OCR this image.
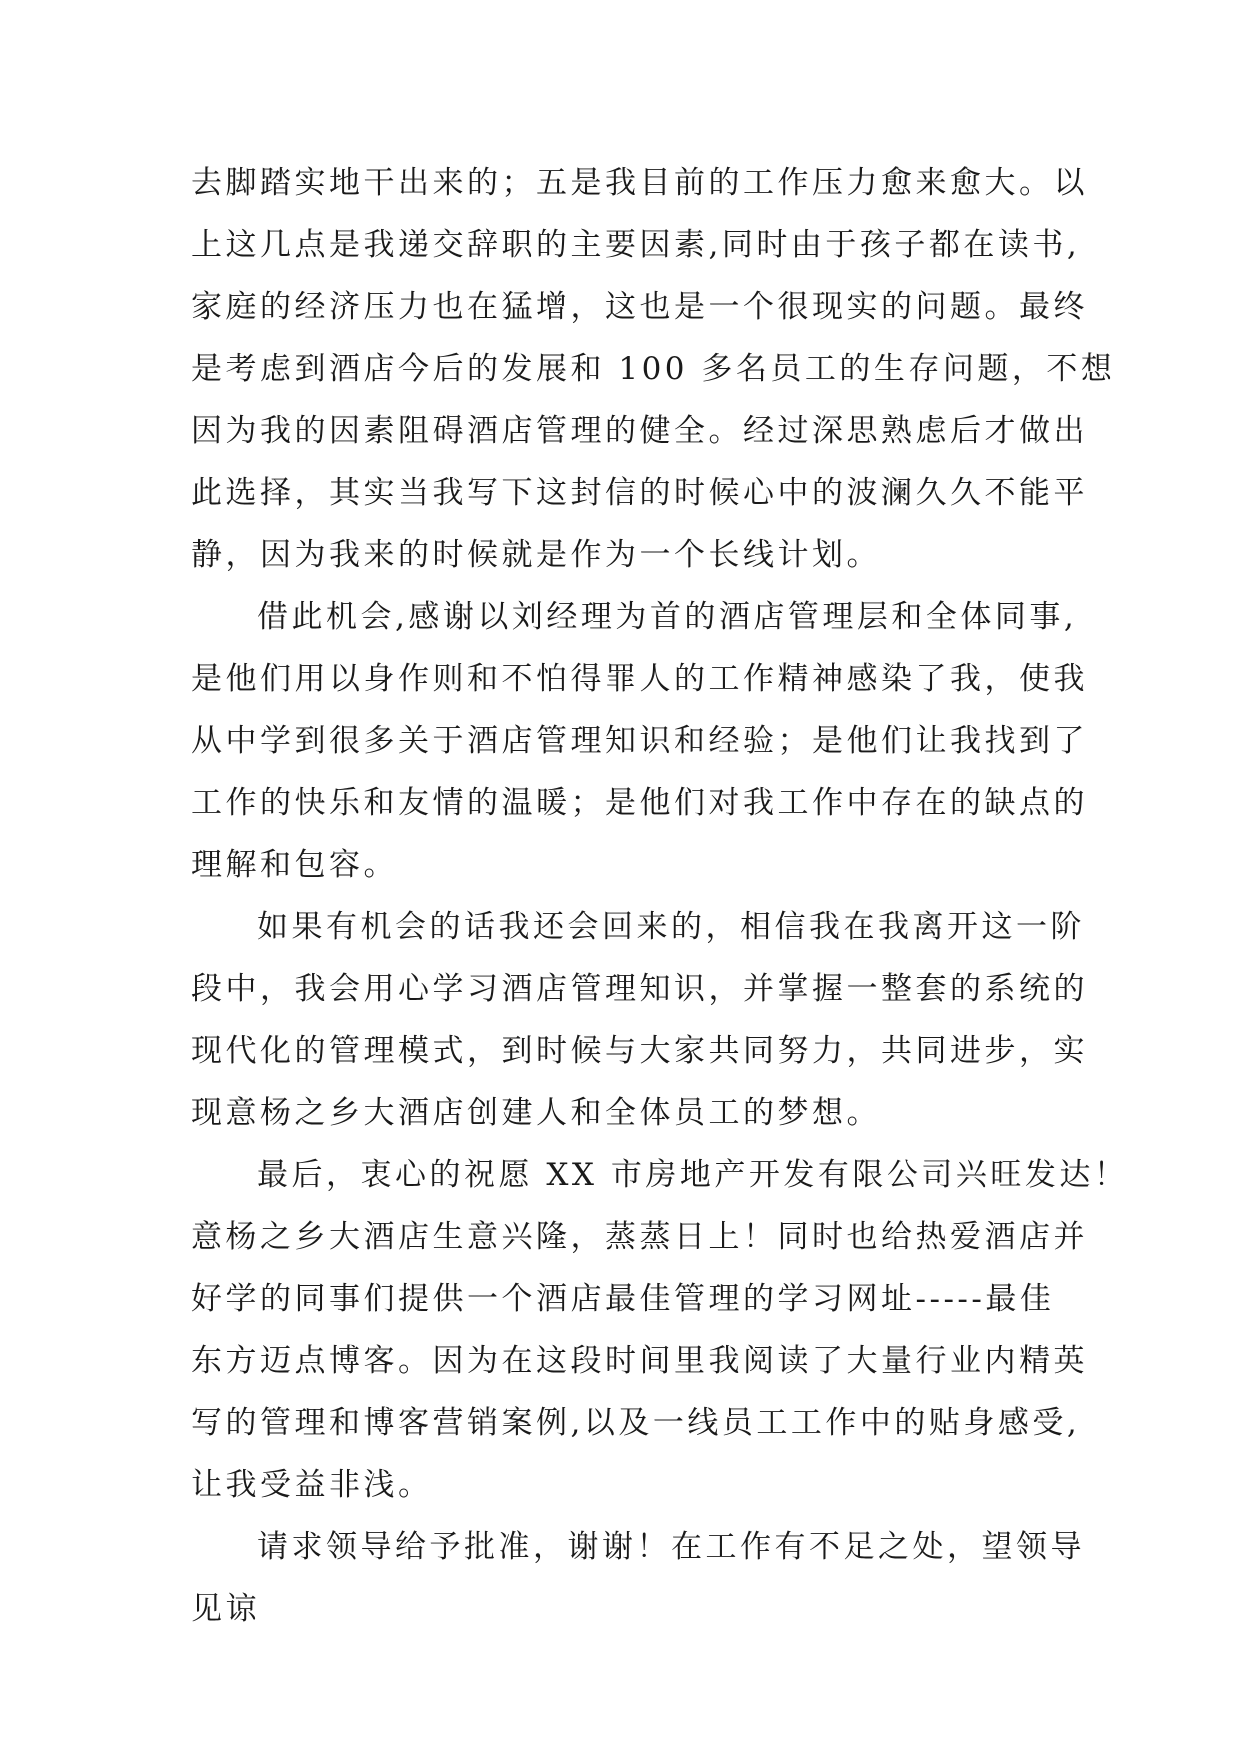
去脚踏实地干出来的；五是我目前的工作压力愈来愈大。以
上这几点是我递交辞职的主要因素,同时由于孩子都在读书,
家庭的经济压力也在猛增，这也是一个很现实的问题。最终
是考虑到酒店今后的发展和 100 多名员工的生存问题，不想
因为我的因素阻碍酒店管理的健全。经过深思熟虑后才做出
此选择，其实当我写下这封信的时候心中的波澜久久不能平
静，因为我来的时候就是作为一个长线计划。
借此机会,感谢以刘经理为首的酒店管理层和全体同事,
是他们用以身作则和不怕得罪人的工作精神感染了我，使我
从中学到很多关于酒店管理知识和经验；是他们让我找到了
工作的快乐和友情的温暖；是他们对我工作中存在的缺点的
理解和包容。
如果有机会的话我还会回来的，相信我在我离开这一阶
段中，我会用心学习酒店管理知识，并掌握一整套的系统的
现代化的管理模式，到时候与大家共同努力，共同进步，实
现意杨之乡大酒店创建人和全体员工的梦想。
最后，衷心的祝愿 XX 市房地产开发有限公司兴旺发达！
意杨之乡大酒店生意兴隆，蒸蒸日上！同时也给热爱酒店并
好学的同事们提供一个酒店最佳管理的学习网址-----最佳
东方迈点博客。因为在这段时间里我阅读了大量行业内精英
写的管理和博客营销案例,以及一线员工工作中的贴身感受,
让我受益非浅。
请求领导给予批准，谢谢！在工作有不足之处，望领导
见谅
